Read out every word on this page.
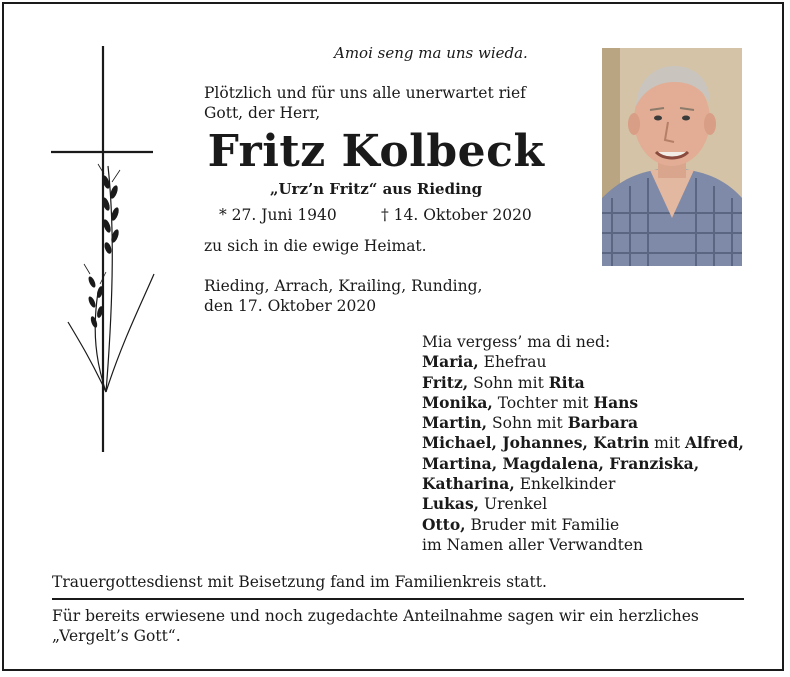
Amoi seng ma uns wieda.
Plötzlich und für uns alle unerwartet rief
Gott, der Herr,
Fritz Kolbeck
„Urz’n Fritz“ aus Rieding
* 27. Juni 1940	† 14. Oktober 2020
zu sich in die ewige Heimat.
Rieding, Arrach, Krailing, Runding,
den 17. Oktober 2020
Mia vergess’ ma di ned:
Maria, Ehefrau
Fritz, Sohn mit Rita
Monika, Tochter mit Hans
Martin, Sohn mit Barbara
Michael, Johannes, Katrin mit Alfred,
Martina, Magdalena, Franziska,
Katharina, Enkelkinder
Lukas, Urenkel
Otto, Bruder mit Familie
im Namen aller Verwandten
Trauergottesdienst mit Beisetzung fand im Familienkreis statt.
Für bereits erwiesene und noch zugedachte Anteilnahme sagen wir ein herzliches
„Vergelt’s Gott“.
